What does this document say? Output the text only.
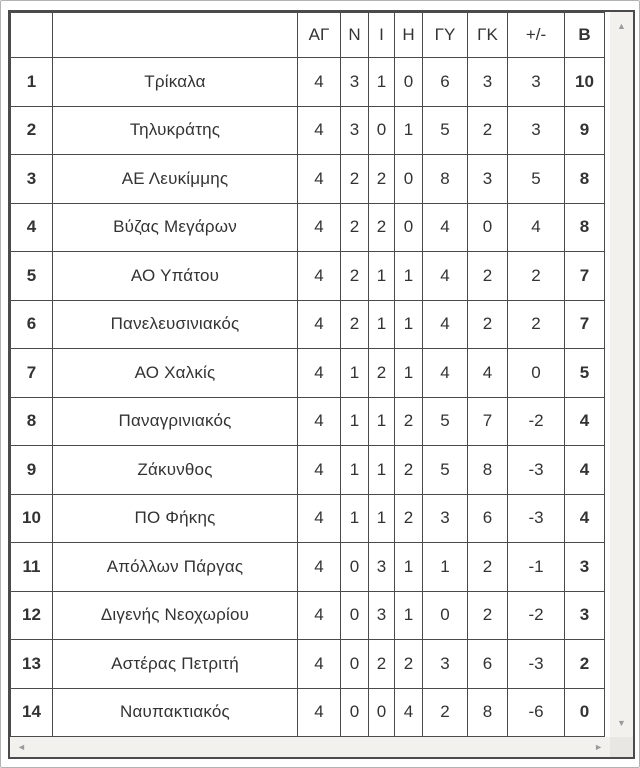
		ΑΓ	Ν	Ι	Η	ΓΥ	ΓΚ	+/-	Β
1	Τρίκαλα	4	3	1	0	6	3	3	10
2	Τηλυκράτης	4	3	0	1	5	2	3	9
3	ΑΕ Λευκίμμης	4	2	2	0	8	3	5	8
4	Βύζας Μεγάρων	4	2	2	0	4	0	4	8
5	ΑΟ Υπάτου	4	2	1	1	4	2	2	7
6	Πανελευσινιακός	4	2	1	1	4	2	2	7
7	ΑΟ Χαλκίς	4	1	2	1	4	4	0	5
8	Παναγρινιακός	4	1	1	2	5	7	-2	4
9	Ζάκυνθος	4	1	1	2	5	8	-3	4
10	ΠΟ Φήκης	4	1	1	2	3	6	-3	4
11	Απόλλων Πάργας	4	0	3	1	1	2	-1	3
12	Διγενής Νεοχωρίου	4	0	3	1	0	2	-2	3
13	Αστέρας Πετριτή	4	0	2	2	3	6	-3	2
14	Ναυπακτιακός	4	0	0	4	2	8	-6	0
▲
▼
◄	►
